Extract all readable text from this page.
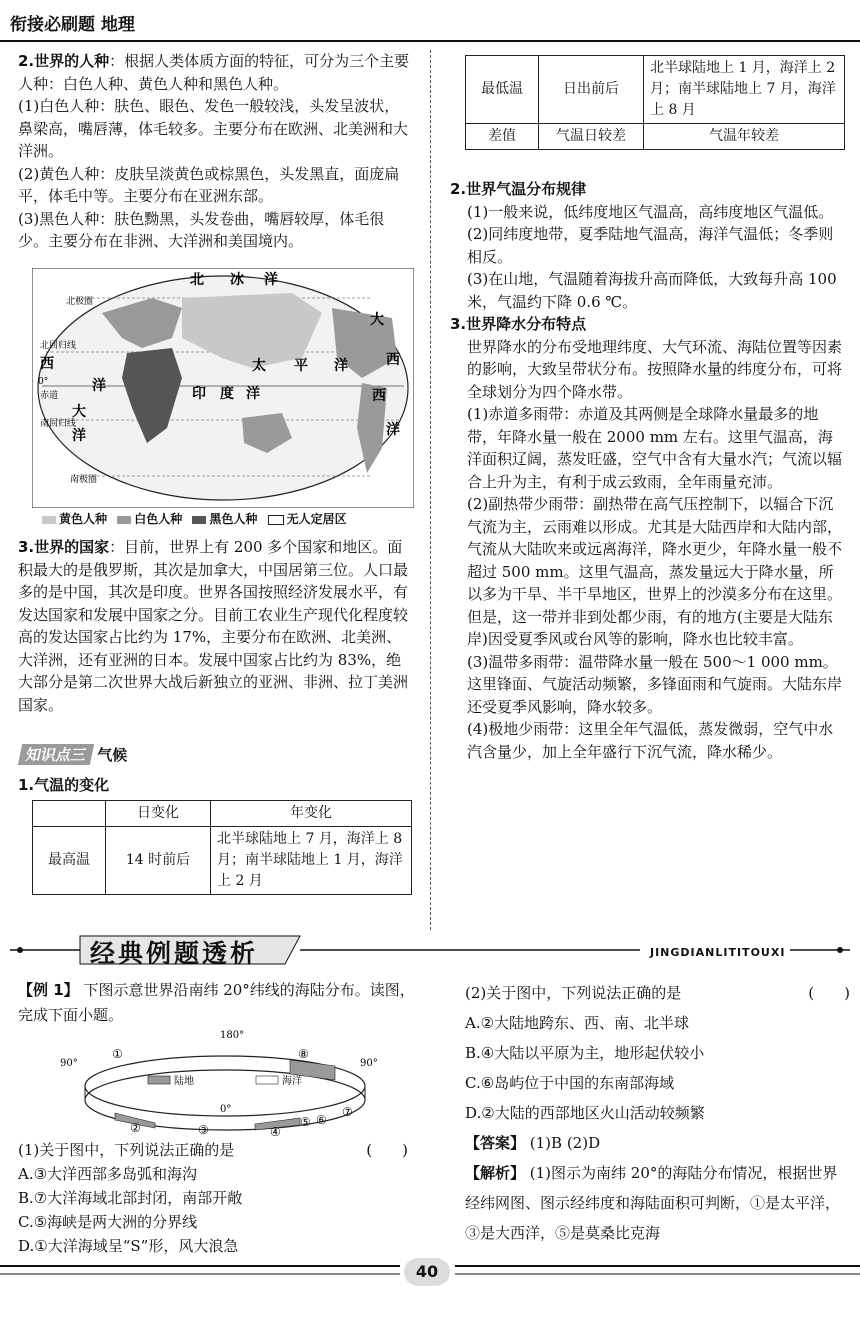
衔接必刷题 地理

2.世界的人种：根据人类体质方面的特征，可分为三个主要人种：白色人种、黄色人种和黑色人种。

(1)白色人种：肤色、眼色、发色一般较浅，头发呈波状，鼻梁高，嘴唇薄，体毛较多。主要分布在欧洲、北美洲和大洋洲。

(2)黄色人种：皮肤呈淡黄色或棕黑色，头发黑直，面庞扁平，体毛中等。主要分布在亚洲东部。

(3)黑色人种：肤色黝黑，头发卷曲，嘴唇较厚，体毛很少。主要分布在非洲、大洋洲和美国境内。

北 冰 洋
大
北极圈
北回归线
西
0°
赤道
南回归线
印 度 洋
太 平 洋	西
洋
南极圈
大
洋
洋
西
黄色人种 白色人种 黑色人种 无人定居区

3.世界的国家：目前，世界上有 200 多个国家和地区。面积最大的是俄罗斯，其次是加拿大，中国居第三位。人口最多的是中国，其次是印度。世界各国按照经济发展水平，有发达国家和发展中国家之分。目前工农业生产现代化程度较高的发达国家占比约为 17%，主要分布在欧洲、北美洲、大洋洲，还有亚洲的日本。发展中国家占比约为 83%，绝大部分是第二次世界大战后新独立的亚洲、非洲、拉丁美洲国家。

知识点三 气候

1.气温的变化

	日变化	年变化
最高温	14 时前后	北半球陆地上 7 月，海洋上 8 月；南半球陆地上 1 月，海洋上 2 月
最低温	日出前后	北半球陆地上 1 月，海洋上 2 月；南半球陆地上 7 月，海洋上 8 月
差值	气温日较差	气温年较差

2.世界气温分布规律

(1)一般来说，低纬度地区气温高，高纬度地区气温低。

(2)同纬度地带，夏季陆地气温高，海洋气温低；冬季则相反。

(3)在山地，气温随着海拔升高而降低，大致每升高 100 米，气温约下降 0.6 ℃。

3.世界降水分布特点

世界降水的分布受地理纬度、大气环流、海陆位置等因素的影响，大致呈带状分布。按照降水量的纬度分布，可将全球划分为四个降水带。

(1)赤道多雨带：赤道及其两侧是全球降水量最多的地带，年降水量一般在 2000 mm 左右。这里气温高，海洋面积辽阔，蒸发旺盛，空气中含有大量水汽；气流以辐合上升为主，有利于成云致雨，全年雨量充沛。

(2)副热带少雨带：副热带在高气压控制下，以辐合下沉气流为主，云雨难以形成。尤其是大陆西岸和大陆内部，气流从大陆吹来或远离海洋，降水更少，年降水量一般不超过 500 mm。这里气温高，蒸发量远大于降水量，所以多为干旱、半干旱地区，世界上的沙漠多分布在这里。但是，这一带并非到处都少雨，有的地方(主要是大陆东岸)因受夏季风或台风等的影响，降水也比较丰富。

(3)温带多雨带：温带降水量一般在 500～1 000 mm。这里锋面、气旋活动频繁，多锋面雨和气旋雨。大陆东岸还受夏季风影响，降水较多。

(4)极地少雨带：这里全年气温低，蒸发微弱，空气中水汽含量少，加上全年盛行下沉气流，降水稀少。

经典例题透析	JINGDIANLITITOUXI

【例 1】 下图示意世界沿南纬 20°纬线的海陆分布。读图，完成下面小题。

180°
90°	90°
0°
陆地	海洋
①
②	③	④
⑤ ⑥
⑦
⑧

(1)关于图中，下列说法正确的是	(　　)

A.③大洋西部多岛弧和海沟

B.⑦大洋海域北部封闭，南部开敞

C.⑤海峡是两大洲的分界线

D.①大洋海域呈“S”形，风大浪急

(2)关于图中，下列说法正确的是	(　　)

A.②大陆地跨东、西、南、北半球

B.④大陆以平原为主，地形起伏较小

C.⑥岛屿位于中国的东南部海域

D.②大陆的西部地区火山活动较频繁

【答案】 (1)B (2)D

【解析】 (1)图示为南纬 20°的海陆分布情况，根据世界经纬网图、图示经纬度和海陆面积可判断，①是太平洋，③是大西洋，⑤是莫桑比克海

40
